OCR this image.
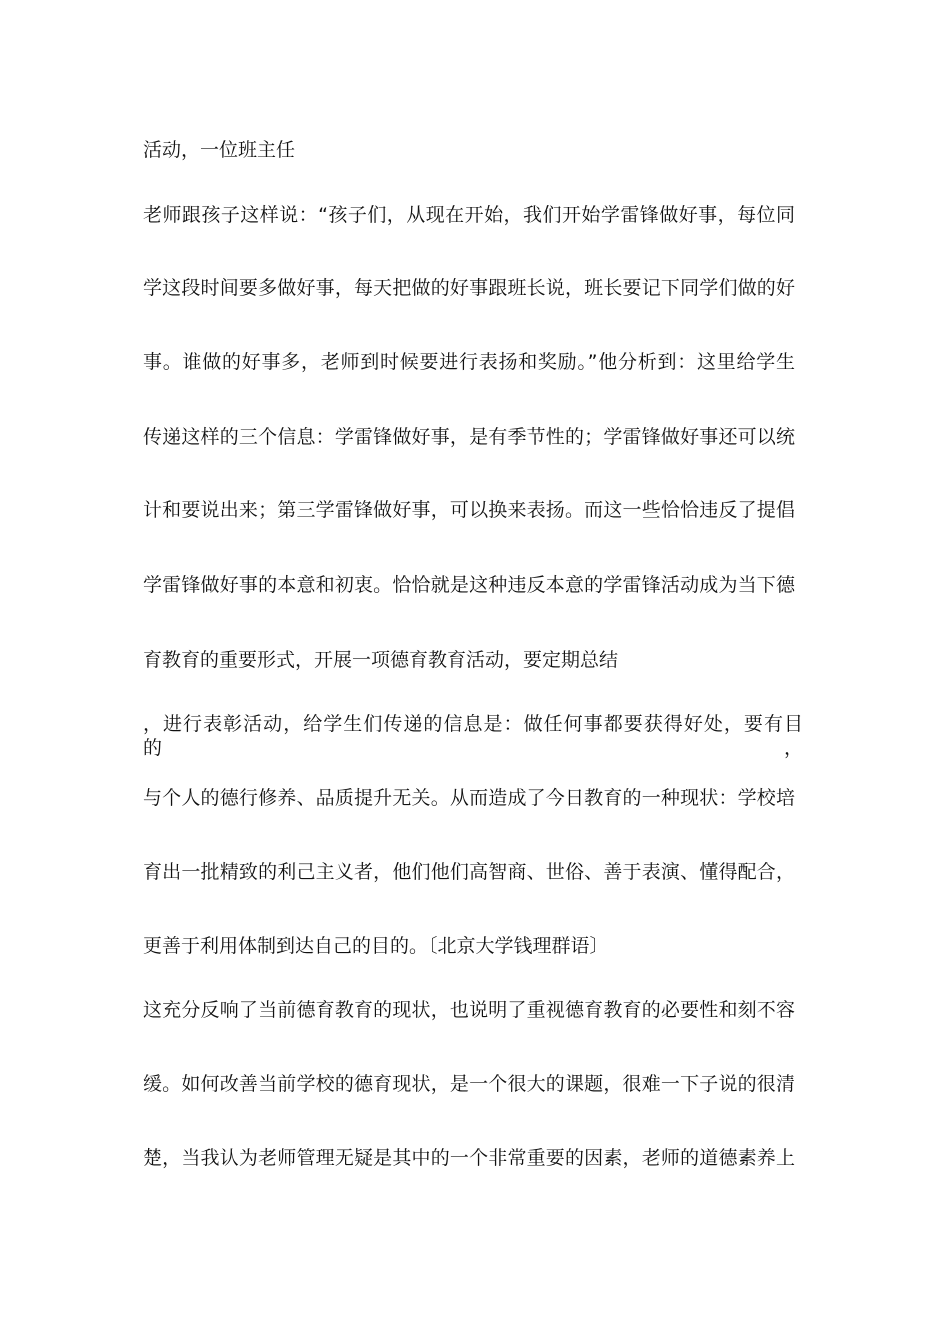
活动，一位班主任
老师跟孩子这样说：“孩子们，从现在开始，我们开始学雷锋做好事，每位同
学这段时间要多做好事，每天把做的好事跟班长说，班长要记下同学们做的好
事。谁做的好事多，老师到时候要进行表扬和奖励。”他分析到：这里给学生
传递这样的三个信息：学雷锋做好事，是有季节性的；学雷锋做好事还可以统
计和要说出来；第三学雷锋做好事，可以换来表扬。而这一些恰恰违反了提倡
学雷锋做好事的本意和初衷。恰恰就是这种违反本意的学雷锋活动成为当下德
育教育的重要形式，开展一项德育教育活动，要定期总结
，进行表彰活动，给学生们传递的信息是：做任何事都要获得好处，要有目的，
与个人的德行修养、品质提升无关。从而造成了今日教育的一种现状：学校培
育出一批精致的利己主义者，他们他们高智商、世俗、善于表演、懂得配合，
更善于利用体制到达自己的目的。〔北京大学钱理群语〕
这充分反响了当前德育教育的现状，也说明了重视德育教育的必要性和刻不容
缓。如何改善当前学校的德育现状，是一个很大的课题，很难一下子说的很清
楚，当我认为老师管理无疑是其中的一个非常重要的因素，老师的道德素养上
